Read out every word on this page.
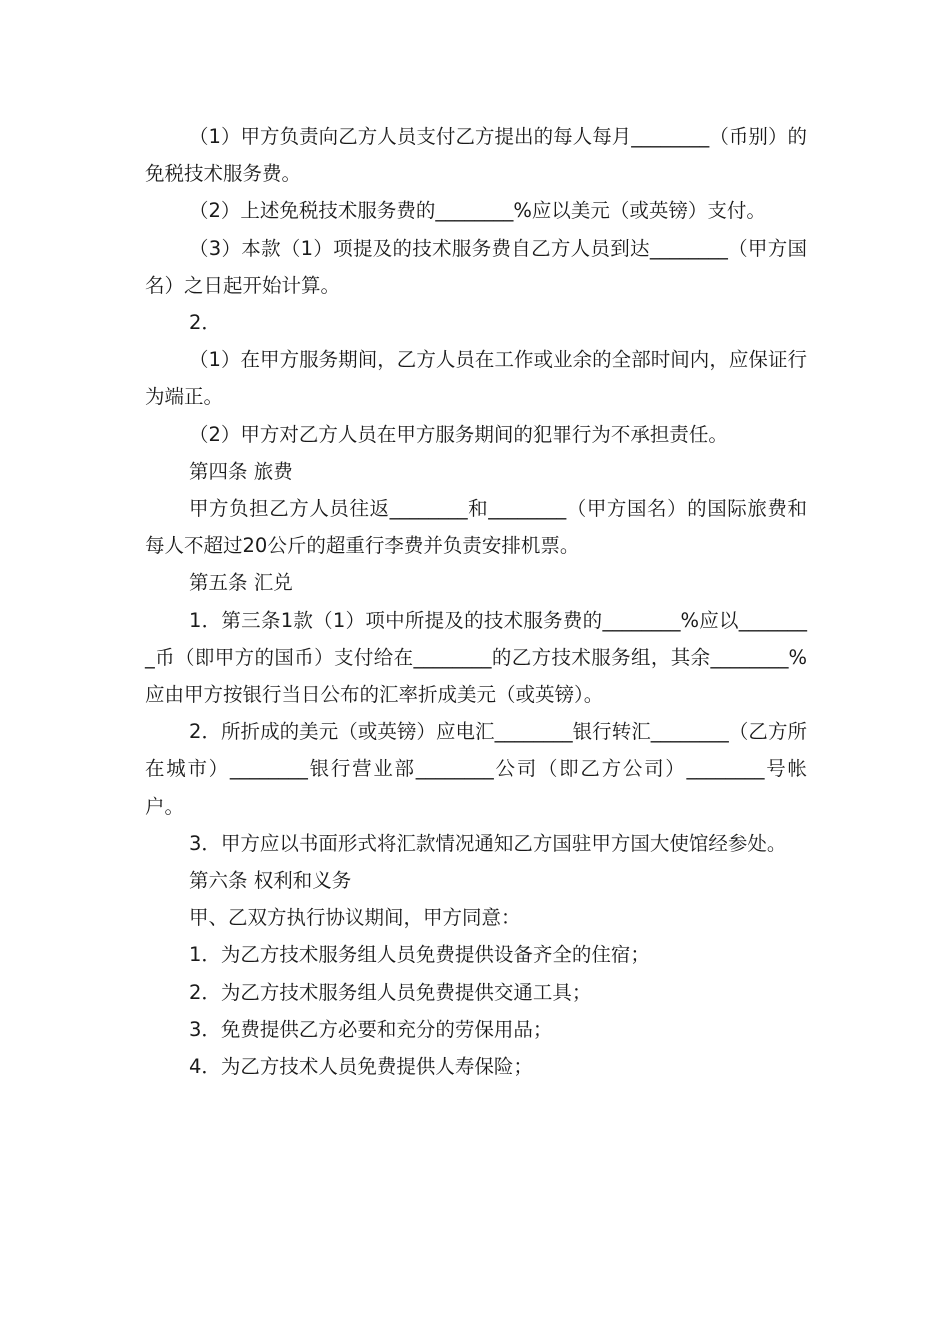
（1）甲方负责向乙方人员支付乙方提出的每人每月________（币别）的免税技术服务费。

（2）上述免税技术服务费的________%应以美元（或英镑）支付。

（3）本款（1）项提及的技术服务费自乙方人员到达________（甲方国名）之日起开始计算。

2．

（1）在甲方服务期间，乙方人员在工作或业余的全部时间内，应保证行为端正。

（2）甲方对乙方人员在甲方服务期间的犯罪行为不承担责任。

第四条 旅费

甲方负担乙方人员往返________和________（甲方国名）的国际旅费和每人不超过20公斤的超重行李费并负责安排机票。

第五条 汇兑

1．第三条1款（1）项中所提及的技术服务费的________%应以________币（即甲方的国币）支付给在________的乙方技术服务组，其余________%应由甲方按银行当日公布的汇率折成美元（或英镑）。

2．所折成的美元（或英镑）应电汇________银行转汇________（乙方所在城市）________银行营业部________公司（即乙方公司）________号帐户。

3．甲方应以书面形式将汇款情况通知乙方国驻甲方国大使馆经参处。

第六条 权利和义务

甲、乙双方执行协议期间，甲方同意：

1．为乙方技术服务组人员免费提供设备齐全的住宿；

2．为乙方技术服务组人员免费提供交通工具；

3．免费提供乙方必要和充分的劳保用品；

4．为乙方技术人员免费提供人寿保险；
